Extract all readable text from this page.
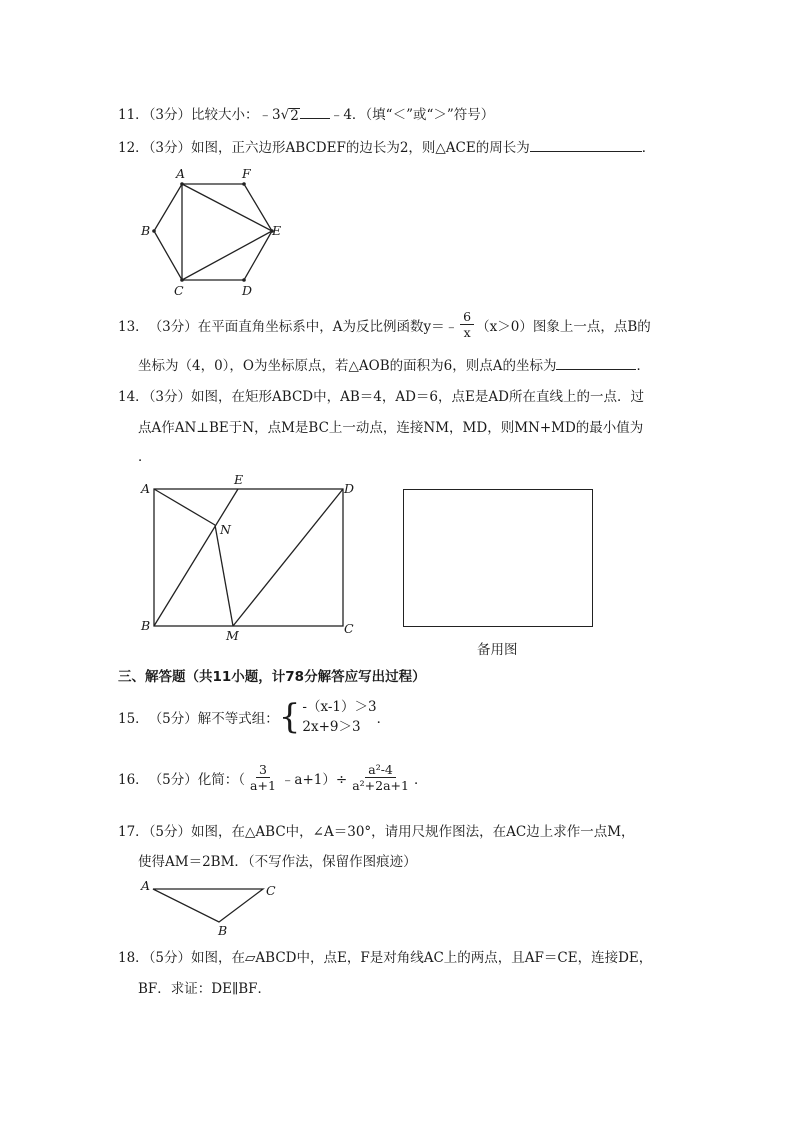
11．（3分）比较大小：﹣3√ 2 ﹣4．（填“＜”或“＞”符号）
12．（3分）如图，正六边形ABCDEF的边长为2，则△ACE的周长为	．
A	F
B	E
C	D
13． （3分） 在平面直角坐标系中，A为反比例函数y＝﹣ $\frac{6}{x} (x>0)$图象上一点，点B的
坐标为（4，0），O为坐标原点，若△AOB的面积为6，则点A的坐标为	．
14．（3分）如图，在矩形ABCD中，AB＝4，AD＝6，点E是AD所在直线上的一点．过
点A作AN⊥BE于N，点M是BC上一动点，连接NM，MD，则MN+MD的最小值为
．
A
E
D
N
B
M	C
备用图
三、解答题（共11小题，计78分解答应写出过程）
15． （5分） 解不等式组： { -（x-1）＞3
2x+9＞3	．
16． （5分） 化简：（ $\frac{3}{a+1}$ ﹣a+1）÷ $\frac{\text{a²-4}}{\text{a²+2a+1}}$ ．
17．（5分）如图，在△ABC中，∠A＝30°，请用尺规作图法，在AC边上求作一点M，
使得AM＝2BM．（不写作法，保留作图痕迹）
A	C
B
18．（5分）如图，在▱ABCD中，点E，F是对角线AC上的两点，且AF＝CE，连接DE，
BF．求证：DE∥BF．
